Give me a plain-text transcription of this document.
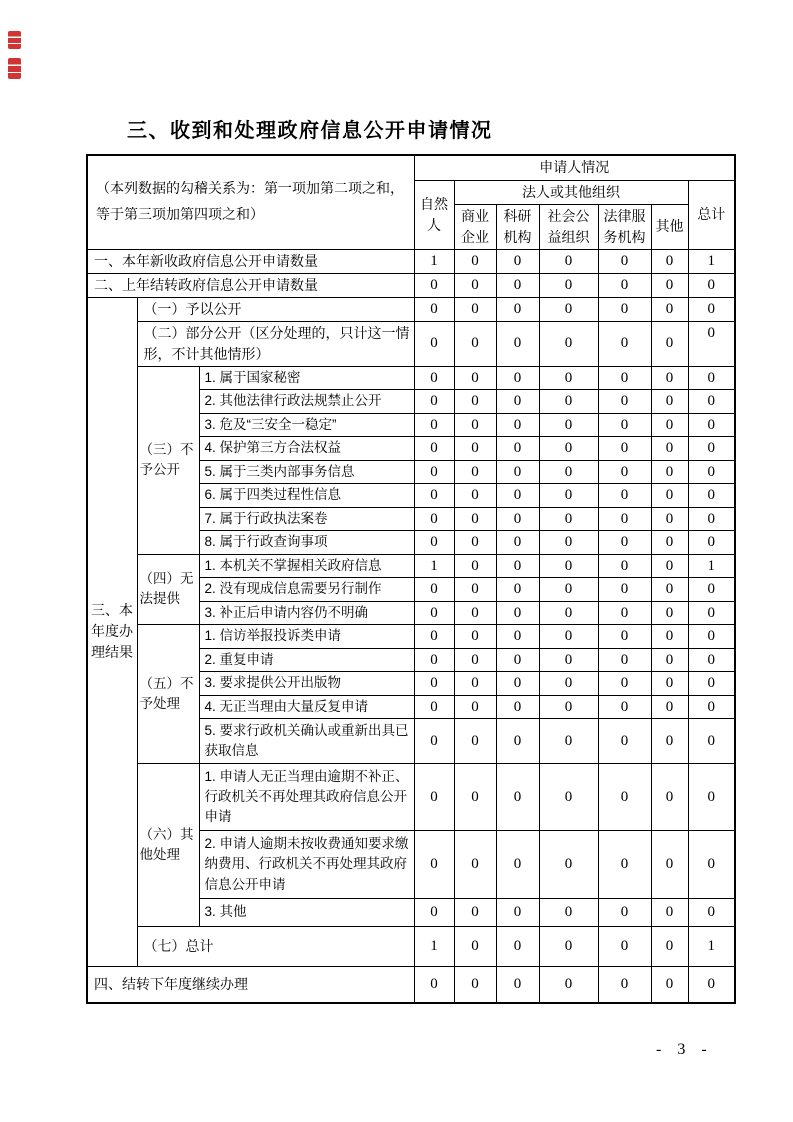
三、收到和处理政府信息公开申请情况
（本列数据的勾稽关系为：第一项加第二项之和，等于第三项加第四项之和）			申请人情况						
			自然人	法人或其他组织					总计
				商业企业	科研机构	社会公益组织	法律服务机构	其他	
一、本年新收政府信息公开申请数量			1	0	0	0	0	0	1
二、上年结转政府信息公开申请数量			0	0	0	0	0	0	0
三、本年度办理结果	（一）予以公开		0	0	0	0	0	0	0
	（二）部分公开（区分处理的，只计这一情形，不计其他情形）		0	0	0	0	0	0	0
	（三）不予公开	1. 属于国家秘密	0	0	0	0	0	0	0
		2. 其他法律行政法规禁止公开	0	0	0	0	0	0	0
		3. 危及“三安全一稳定”	0	0	0	0	0	0	0
		4. 保护第三方合法权益	0	0	0	0	0	0	0
		5. 属于三类内部事务信息	0	0	0	0	0	0	0
		6. 属于四类过程性信息	0	0	0	0	0	0	0
		7. 属于行政执法案卷	0	0	0	0	0	0	0
		8. 属于行政查询事项	0	0	0	0	0	0	0
	（四）无法提供	1. 本机关不掌握相关政府信息	1	0	0	0	0	0	1
		2. 没有现成信息需要另行制作	0	0	0	0	0	0	0
		3. 补正后申请内容仍不明确	0	0	0	0	0	0	0
	（五）不予处理	1. 信访举报投诉类申请	0	0	0	0	0	0	0
		2. 重复申请	0	0	0	0	0	0	0
		3. 要求提供公开出版物	0	0	0	0	0	0	0
		4. 无正当理由大量反复申请	0	0	0	0	0	0	0
		5. 要求行政机关确认或重新出具已获取信息	0	0	0	0	0	0	0
	（六）其他处理	1. 申请人无正当理由逾期不补正、行政机关不再处理其政府信息公开申请	0	0	0	0	0	0	0
		2. 申请人逾期未按收费通知要求缴纳费用、行政机关不再处理其政府信息公开申请	0	0	0	0	0	0	0
		3. 其他	0	0	0	0	0	0	0
	（七）总计		1	0	0	0	0	0	1
四、结转下年度继续办理			0	0	0	0	0	0	0
- 3 -
